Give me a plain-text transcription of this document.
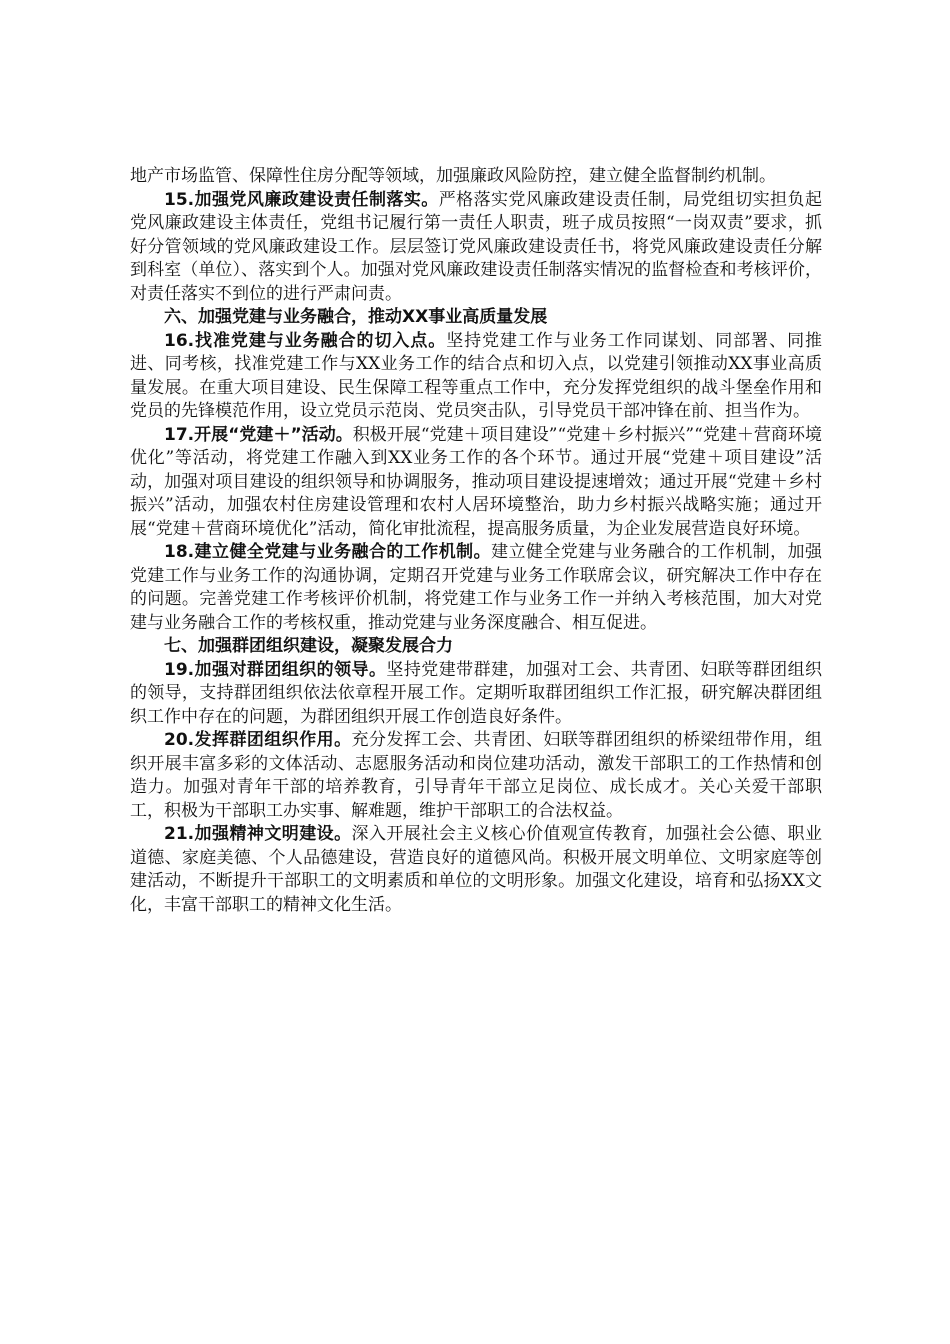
地产市场监管、保障性住房分配等领域，加强廉政风险防控，建立健全监督制约机制。

15.加强党风廉政建设责任制落实。严格落实党风廉政建设责任制，局党组切实担负起党风廉政建设主体责任，党组书记履行第一责任人职责，班子成员按照“一岗双责”要求，抓好分管领域的党风廉政建设工作。层层签订党风廉政建设责任书，将党风廉政建设责任分解到科室（单位）、落实到个人。加强对党风廉政建设责任制落实情况的监督检查和考核评价，对责任落实不到位的进行严肃问责。

六、加强党建与业务融合，推动XX事业高质量发展

16.找准党建与业务融合的切入点。坚持党建工作与业务工作同谋划、同部署、同推进、同考核，找准党建工作与XX业务工作的结合点和切入点，以党建引领推动XX事业高质量发展。在重大项目建设、民生保障工程等重点工作中，充分发挥党组织的战斗堡垒作用和党员的先锋模范作用，设立党员示范岗、党员突击队，引导党员干部冲锋在前、担当作为。

17.开展“党建＋”活动。积极开展“党建＋项目建设”“党建＋乡村振兴”“党建＋营商环境优化”等活动，将党建工作融入到XX业务工作的各个环节。通过开展“党建＋项目建设”活动，加强对项目建设的组织领导和协调服务，推动项目建设提速增效；通过开展“党建＋乡村振兴”活动，加强农村住房建设管理和农村人居环境整治，助力乡村振兴战略实施；通过开展“党建＋营商环境优化”活动，简化审批流程，提高服务质量，为企业发展营造良好环境。

18.建立健全党建与业务融合的工作机制。建立健全党建与业务融合的工作机制，加强党建工作与业务工作的沟通协调，定期召开党建与业务工作联席会议，研究解决工作中存在的问题。完善党建工作考核评价机制，将党建工作与业务工作一并纳入考核范围，加大对党建与业务融合工作的考核权重，推动党建与业务深度融合、相互促进。

七、加强群团组织建设，凝聚发展合力

19.加强对群团组织的领导。坚持党建带群建，加强对工会、共青团、妇联等群团组织的领导，支持群团组织依法依章程开展工作。定期听取群团组织工作汇报，研究解决群团组织工作中存在的问题，为群团组织开展工作创造良好条件。

20.发挥群团组织作用。充分发挥工会、共青团、妇联等群团组织的桥梁纽带作用，组织开展丰富多彩的文体活动、志愿服务活动和岗位建功活动，激发干部职工的工作热情和创造力。加强对青年干部的培养教育，引导青年干部立足岗位、成长成才。关心关爱干部职工，积极为干部职工办实事、解难题，维护干部职工的合法权益。

21.加强精神文明建设。深入开展社会主义核心价值观宣传教育，加强社会公德、职业道德、家庭美德、个人品德建设，营造良好的道德风尚。积极开展文明单位、文明家庭等创建活动，不断提升干部职工的文明素质和单位的文明形象。加强文化建设，培育和弘扬XX文化，丰富干部职工的精神文化生活。
